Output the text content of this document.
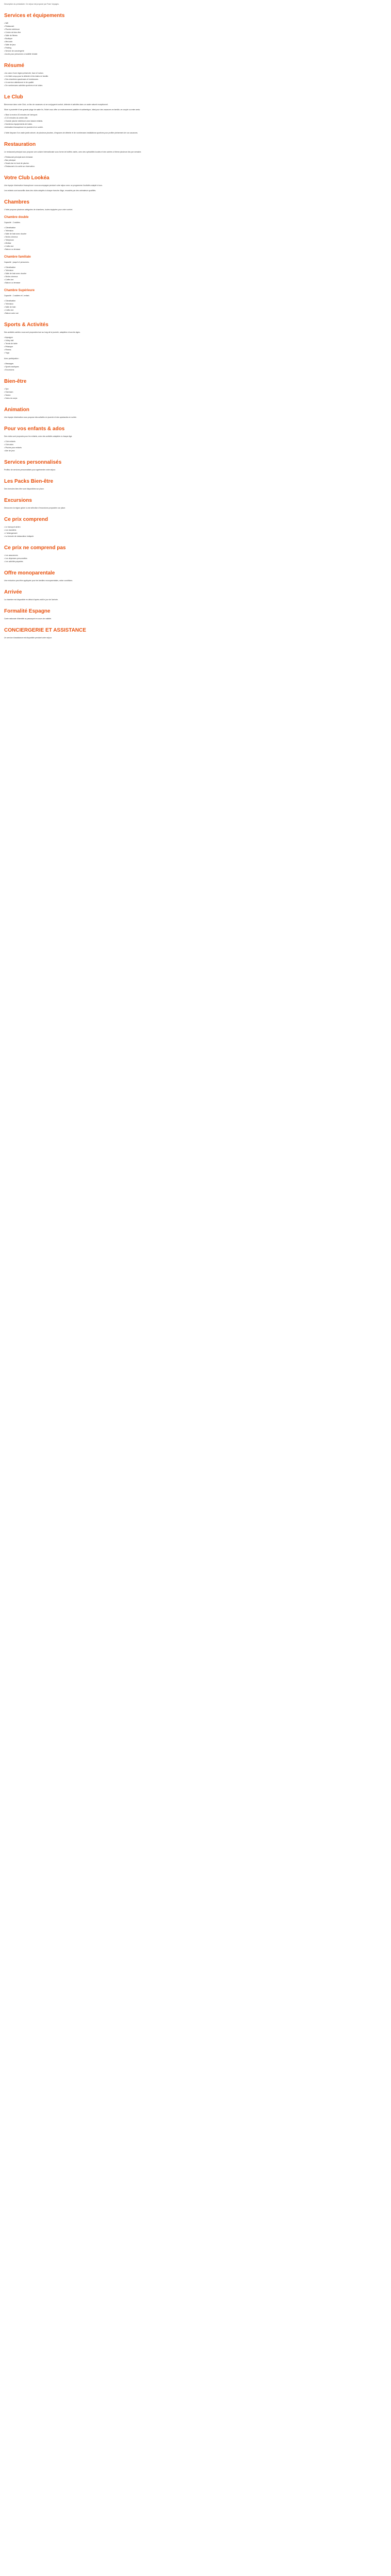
Description du prestataire: Ce séjour est proposé par Fram Voyages.

Services et équipements
• Wifi
• Restaurant
• Piscine extérieure
• Centre de bien-être
• Salle de fitness
• Boutique
• Mini-club
• Salle de jeux
• Parking
• Service de conciergerie
• Accès pour personnes à mobilité réduite
Résumé
• Au cœur d'une région préservée, face à l'océan.
• Un hôtel conçu pour la détente et les loisirs en famille.
• Des chambres spacieuses et lumineuses.
• Un service attentionné et de qualité.
• De nombreuses activités sportives et de loisirs.
Le Club

Bienvenue dans votre Club, un lieu de vacances où se conjuguent confort, détente et activités dans un cadre naturel exceptionnel.

Situé à proximité d'une grande plage de sable fin, l'hôtel vous offre un environnement paisible et authentique, idéal pour des vacances en famille, en couple ou entre amis.

• Situé à environ 30 minutes de l'aéroport.
• À 10 minutes du centre-ville.
• Grande piscine extérieure avec bassin enfants.
• Nombreux équipements de loisirs.
• Animation francophone en journée et en soirée.

L'hôtel dispose d'un vaste jardin arboré, de plusieurs piscines, d'espaces de détente et de nombreuses installations sportives pour profiter pleinement de vos vacances.

Restauration

Le restaurant principal vous propose une cuisine internationale sous forme de buffets variés, avec des spécialités locales et des soirées à thème plusieurs fois par semaine.

• Restaurant principal avec terrasse.
• Bar principal.
• Snack-bar en bord de piscine.
• Restaurant à la carte sur réservation.
Votre Club Lookéa

Une équipe d'animation francophone vous accompagne pendant votre séjour avec un programme d'activités adapté à tous.

Les enfants sont accueillis dans des clubs adaptés à chaque tranche d'âge, encadrés par des animateurs qualifiés.

Chambres

L'hôtel propose plusieurs catégories de chambres, toutes équipées pour votre confort.

Chambre double

Capacité : 2 adultes.

• Climatisation
• Télévision
• Salle de bain avec douche
• Sèche-cheveux
• Téléphone
• Minibar
• Coffre-fort
• Balcon ou terrasse
Chambre familiale

Capacité : jusqu'à 4 personnes.

• Climatisation
• Télévision
• Salle de bain avec douche
• Sèche-cheveux
• Coffre-fort
• Balcon ou terrasse
Chambre Supérieure

Capacité : 2 adultes et 1 enfant.

• Climatisation
• Télévision
• Salle de bain
• Coffre-fort
• Balcon avec vue
Sports & Activités

Des activités variées vous sont proposées tout au long de la journée, adaptées à tous les âges.

• Aquagym
• Volley-ball
• Tennis de table
• Pétanque
• Fitness
• Yoga

Avec participation :

• Massages
• Sports nautiques
• Excursions
Bien-être
• Spa
• Hammam
• Sauna
• Soins du corps
Animation

Une équipe d'animation vous propose des activités en journée et des spectacles en soirée.

Pour vos enfants & ados

Des clubs sont proposés pour les enfants, avec des activités adaptées à chaque âge.

• Club enfants
• Club ados
• Piscine pour enfants
• Aire de jeux
Services personnalisés

Profitez de services personnalisés pour agrémenter votre séjour.

Les Packs Bien-être

Des formules bien-être sont disponibles sur place.

Excursions

Découvrez la région grâce à une sélection d'excursions proposées sur place.

Ce prix comprend
• Le transport aérien
• Les transferts
• L'hébergement
• La formule de restauration indiquée
Ce prix ne comprend pas
• Les assurances
• Les dépenses personnelles
• Les activités payantes
Offre monoparentale

Une réduction peut être appliquée pour les familles monoparentales, selon conditions.

Arrivée

La chambre est disponible en début d'après-midi le jour de l'arrivée.

Formalité Espagne

Carte nationale d'identité ou passeport en cours de validité.

CONCIERGERIE ET ASSISTANCE

Un service d'assistance est disponible pendant votre séjour.
